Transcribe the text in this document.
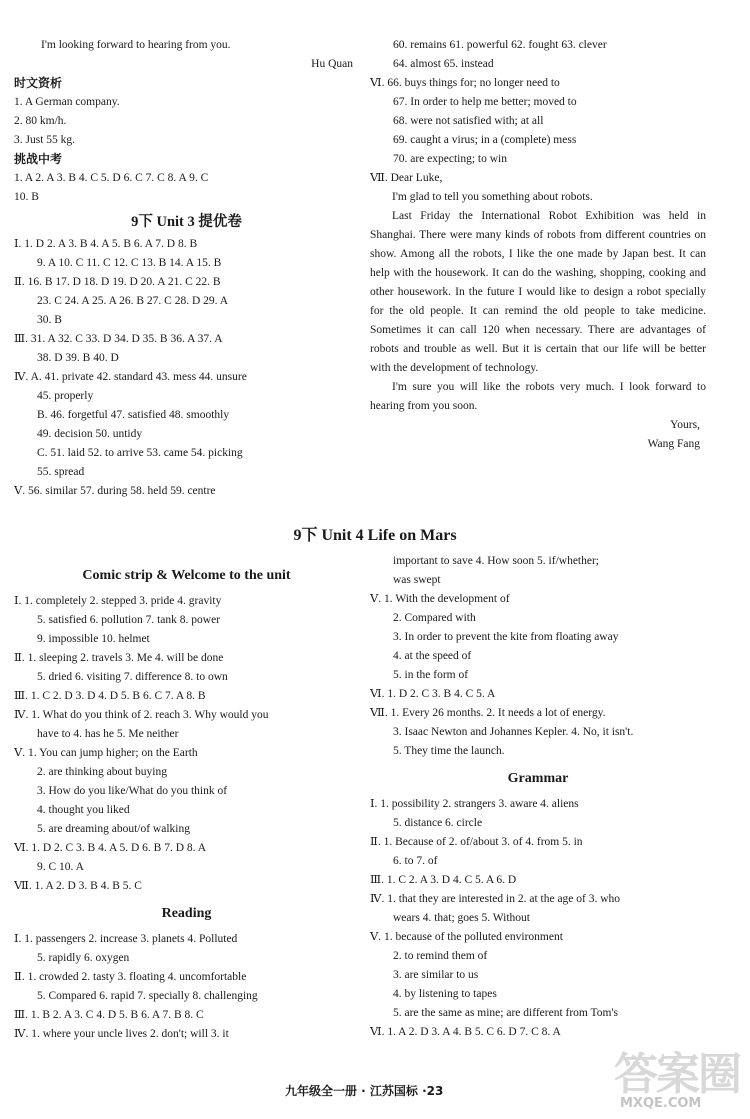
I'm looking forward to hearing from you.
Hu Quan
时文资析
1. A German company.
2. 80 km/h.
3. Just 55 kg.
挑战中考
1. A 2. A 3. B 4. C 5. D 6. C 7. C 8. A 9. C
10. B
9下 Unit 3 提优卷
Ⅰ. 1. D 2. A 3. B 4. A 5. B 6. A 7. D 8. B
9. A 10. C 11. C 12. C 13. B 14. A 15. B
Ⅱ. 16. B 17. D 18. D 19. D 20. A 21. C 22. B
23. C 24. A 25. A 26. B 27. C 28. D 29. A
30. B
Ⅲ. 31. A 32. C 33. D 34. D 35. B 36. A 37. A
38. D 39. B 40. D
Ⅳ. A. 41. private 42. standard 43. mess 44. unsure
45. properly
B. 46. forgetful 47. satisfied 48. smoothly
49. decision 50. untidy
C. 51. laid 52. to arrive 53. came 54. picking
55. spread
Ⅴ. 56. similar 57. during 58. held 59. centre
60. remains 61. powerful 62. fought 63. clever
64. almost 65. instead
Ⅵ. 66. buys things for; no longer need to
67. In order to help me better; moved to
68. were not satisfied with; at all
69. caught a virus; in a (complete) mess
70. are expecting; to win
Ⅶ. Dear Luke,

I'm glad to tell you something about robots.

Last Friday the International Robot Exhibition was held in Shanghai. There were many kinds of robots from different countries on show. Among all the robots, I like the one made by Japan best. It can help with the housework. It can do the washing, shopping, cooking and other housework. In the future I would like to design a robot specially for the old people. It can remind the old people to take medicine. Sometimes it can call 120 when necessary. There are advantages of robots and trouble as well. But it is certain that our life will be better with the development of technology.

I'm sure you will like the robots very much. I look forward to hearing from you soon.

Yours,
Wang Fang
9下 Unit 4 Life on Mars
Comic strip & Welcome to the unit
Ⅰ. 1. completely 2. stepped 3. pride 4. gravity
5. satisfied 6. pollution 7. tank 8. power
9. impossible 10. helmet
Ⅱ. 1. sleeping 2. travels 3. Me 4. will be done
5. dried 6. visiting 7. difference 8. to own
Ⅲ. 1. C 2. D 3. D 4. D 5. B 6. C 7. A 8. B
Ⅳ. 1. What do you think of 2. reach 3. Why would you
have to 4. has he 5. Me neither
Ⅴ. 1. You can jump higher; on the Earth
2. are thinking about buying
3. How do you like/What do you think of
4. thought you liked
5. are dreaming about/of walking
Ⅵ. 1. D 2. C 3. B 4. A 5. D 6. B 7. D 8. A
9. C 10. A
Ⅶ. 1. A 2. D 3. B 4. B 5. C
Reading
Ⅰ. 1. passengers 2. increase 3. planets 4. Polluted
5. rapidly 6. oxygen
Ⅱ. 1. crowded 2. tasty 3. floating 4. uncomfortable
5. Compared 6. rapid 7. specially 8. challenging
Ⅲ. 1. B 2. A 3. C 4. D 5. B 6. A 7. B 8. C
Ⅳ. 1. where your uncle lives 2. don't; will 3. it
important to save 4. How soon 5. if/whether;
was swept
Ⅴ. 1. With the development of
2. Compared with
3. In order to prevent the kite from floating away
4. at the speed of
5. in the form of
Ⅵ. 1. D 2. C 3. B 4. C 5. A
Ⅶ. 1. Every 26 months. 2. It needs a lot of energy.
3. Isaac Newton and Johannes Kepler. 4. No, it isn't.
5. They time the launch.
Grammar
Ⅰ. 1. possibility 2. strangers 3. aware 4. aliens
5. distance 6. circle
Ⅱ. 1. Because of 2. of/about 3. of 4. from 5. in
6. to 7. of
Ⅲ. 1. C 2. A 3. D 4. C 5. A 6. D
Ⅳ. 1. that they are interested in 2. at the age of 3. who
wears 4. that; goes 5. Without
Ⅴ. 1. because of the polluted environment
2. to remind them of
3. are similar to us
4. by listening to tapes
5. are the same as mine; are different from Tom's
Ⅵ. 1. A 2. D 3. A 4. B 5. C 6. D 7. C 8. A
九年级全一册 · 江苏国标 ·23	答案圈
MXQE.COM
